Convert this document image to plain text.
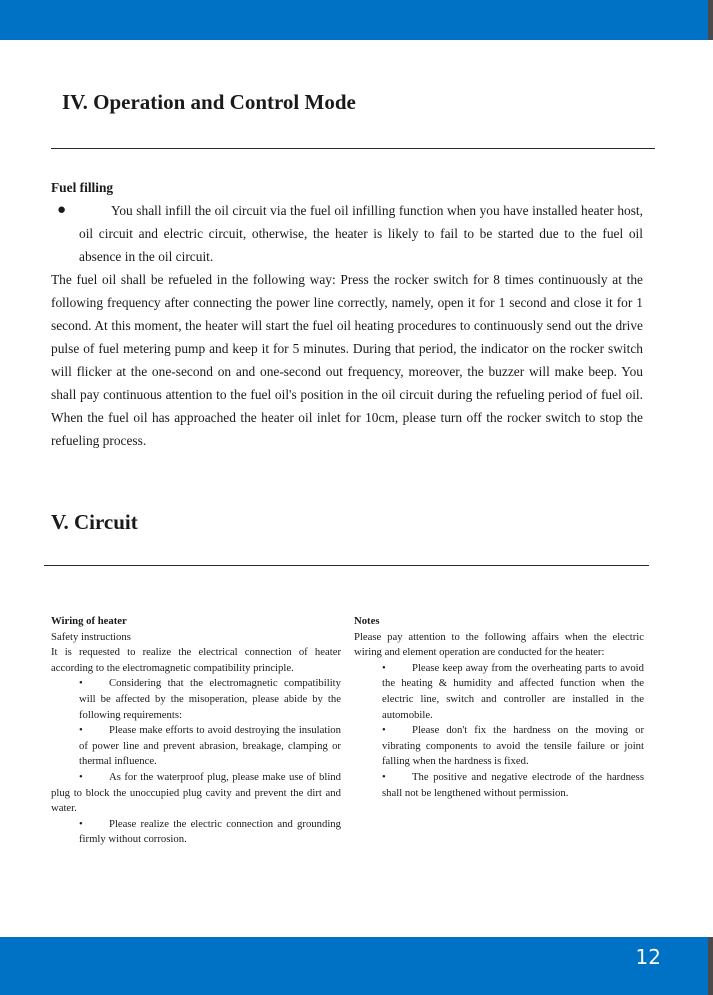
IV. Operation and Control Mode
Fuel filling
●	You shall infill the oil circuit via the fuel oil infilling function when you have installed heater host, oil circuit and electric circuit, otherwise, the heater is likely to fail to be started due to the fuel oil absence in the oil circuit.
The fuel oil shall be refueled in the following way: Press the rocker switch for 8 times continuously at the following frequency after connecting the power line correctly, namely, open it for 1 second and close it for 1 second. At this moment, the heater will start the fuel oil heating procedures to continuously send out the drive pulse of fuel metering pump and keep it for 5 minutes. During that period, the indicator on the rocker switch will flicker at the one-second on and one-second out frequency, moreover, the buzzer will make beep. You shall pay continuous attention to the fuel oil's position in the oil circuit during the refueling period of fuel oil. When the fuel oil has approached the heater oil inlet for 10cm, please turn off the rocker switch to stop the refueling process.
V. Circuit
Wiring of heater
Safety instructions

It is requested to realize the electrical connection of heater according to the electromagnetic compatibility principle.

•	Considering that the electromagnetic compatibility will be affected by the misoperation, please abide by the following requirements:
•	Please make efforts to avoid destroying the insulation of power line and prevent abrasion, breakage, clamping or thermal influence.
•	As for the waterproof plug, please make use of blind plug to block the unoccupied plug cavity and prevent the dirt and water.
•	Please realize the electric connection and grounding firmly without corrosion.
Notes

Please pay attention to the following affairs when the electric wiring and element operation are conducted for the heater:

•	Please keep away from the overheating parts to avoid the heating & humidity and affected function when the electric line, switch and controller are installed in the automobile.
•	Please don't fix the hardness on the moving or vibrating components to avoid the tensile failure or joint falling when the hardness is fixed.
•	The positive and negative electrode of the hardness shall not be lengthened without permission.
12
